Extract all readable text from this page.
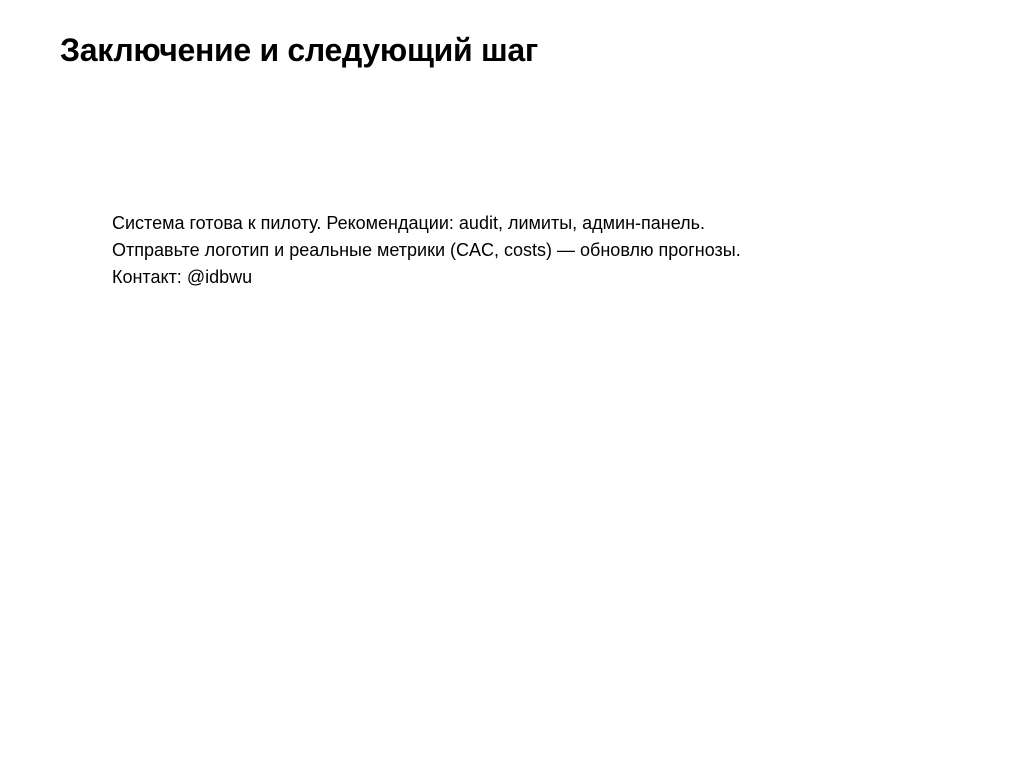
Заключение и следующий шаг
Система готова к пилоту. Рекомендации: audit, лимиты, админ-панель.
Отправьте логотип и реальные метрики (CAC, costs) — обновлю прогнозы.
Контакт: @idbwu
